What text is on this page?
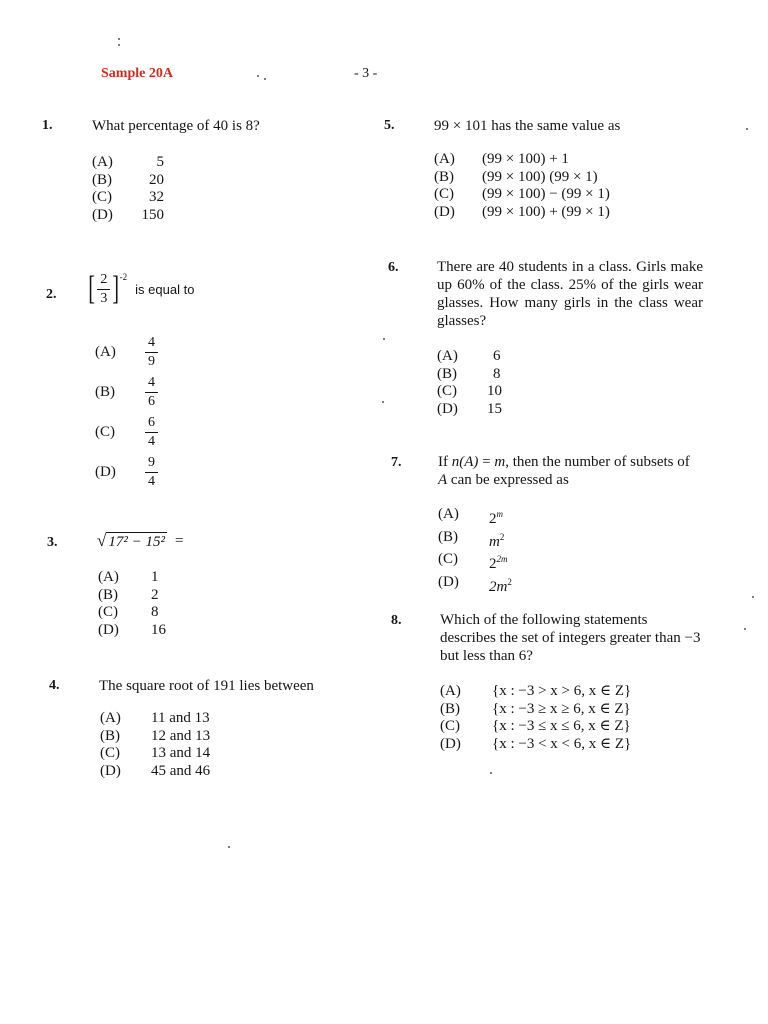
Sample 20A	- 3 -
1.	What percentage of 40 is 8?
(A)	5
(B)	20
(C)	32
(D)	150
2. [ $\frac{2}{3} ]^{-2}$
is equal to
(A)	$\frac{4}{9}$
(B)	$\frac{4}{6}$
(C)	$\frac{6}{4}$
(D)	$\frac{9}{4}$
3. √ 17² − 15² =
(A)	1
(B)	2
(C)	8
(D)	16
4.	The square root of 191 lies between
(A)	11 and 13
(B)	12 and 13
(C)	13 and 14
(D)	45 and 46
5.	99 × 101 has the same value as
(A)	(99 × 100) + 1
(B)	(99 × 100) (99 × 1)
(C)	(99 × 100) − (99 × 1)
(D)	(99 × 100) + (99 × 1)
6.	There are 40 students in a class. Girls make up 60% of the class. 25% of the girls wear glasses. How many girls in the class wear glasses?
(A)	6
(B)	8
(C)	10
(D)	15
7. If n(A) = m, then the number of subsets of
A can be expressed as
(A)	2$^m$
(B)	$m^2$
(C)	$2^{2m}$
(D)	$2m^2$
8.	Which of the following statements describes the set of integers greater than −3 but less than 6?
(A)	{x : −3 > x > 6, x ∈ Z}
(B)	{x : −3 ≥ x ≥ 6, x ∈ Z}
(C)	{x : −3 ≤ x ≤ 6, x ∈ Z}
(D)	{x : −3 < x < 6, x ∈ Z}
